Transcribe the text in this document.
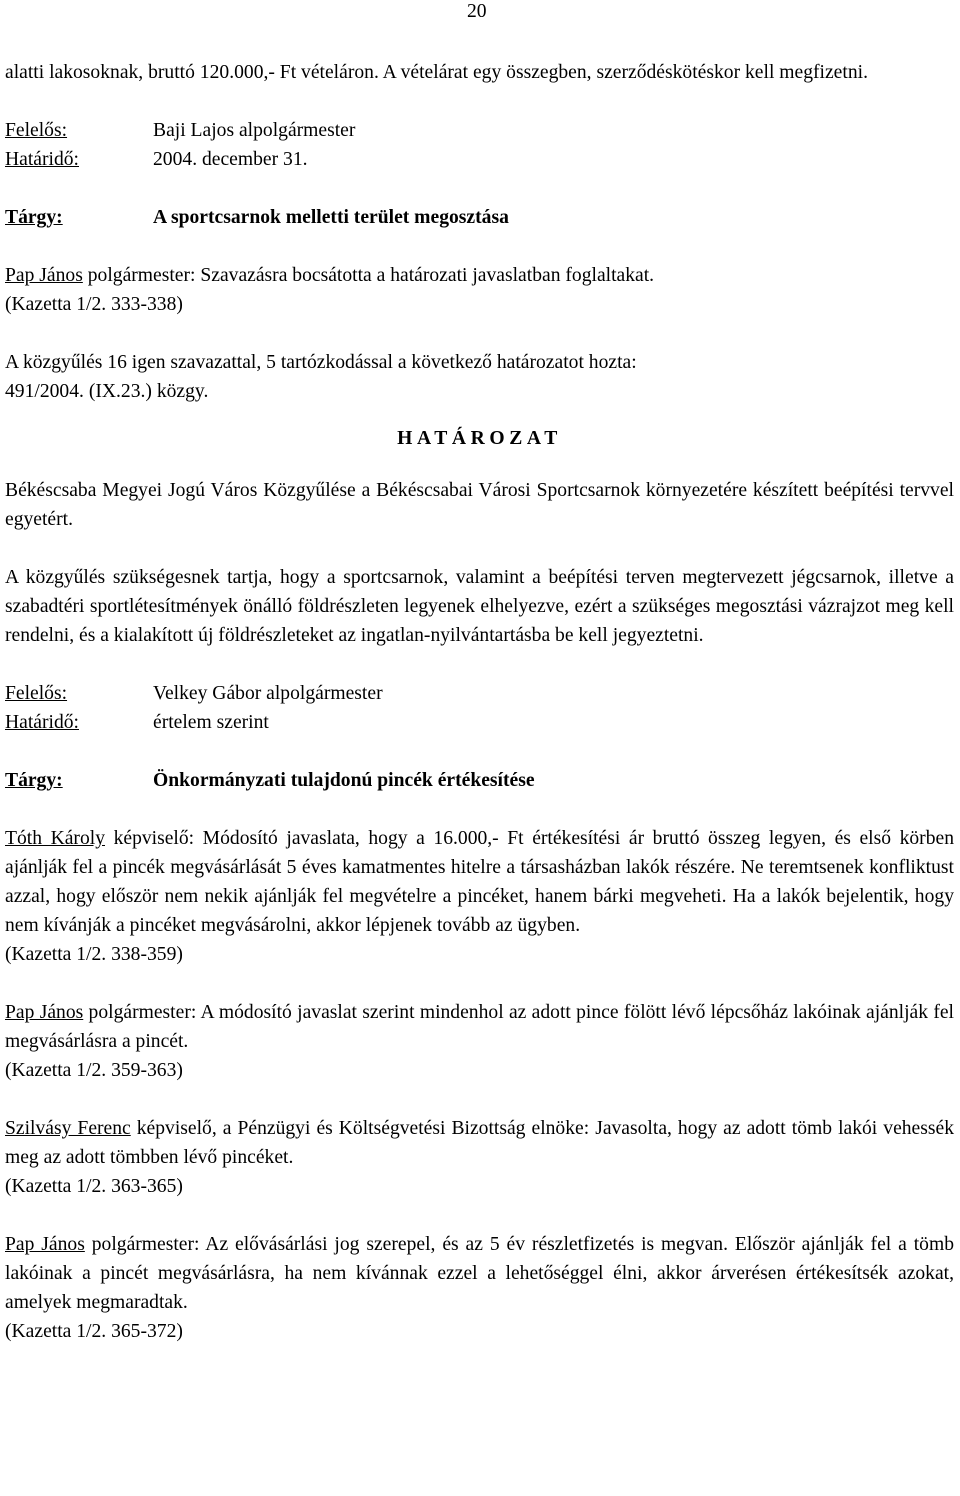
20

alatti lakosoknak, bruttó 120.000,- Ft vételáron. A vételárat egy összegben, szerződéskötéskor kell megfizetni.

Felelős:	Baji Lajos alpolgármester
Határidő:	2004. december 31.
Tárgy:	A sportcsarnok melletti terület megosztása

Pap János polgármester: Szavazásra bocsátotta a határozati javaslatban foglaltakat.

(Kazetta 1/2. 333-338)

A közgyűlés 16 igen szavazattal, 5 tartózkodással a következő határozatot hozta:

491/2004. (IX.23.) közgy.

HATÁROZAT

Békéscsaba Megyei Jogú Város Közgyűlése a Békéscsabai Városi Sportcsarnok környezetére készített beépítési tervvel egyetért.

A közgyűlés szükségesnek tartja, hogy a sportcsarnok, valamint a beépítési terven megtervezett jégcsarnok, illetve a szabadtéri sportlétesítmények önálló földrészleten legyenek elhelyezve, ezért a szükséges megosztási vázrajzot meg kell rendelni, és a kialakított új földrészleteket az ingatlan-nyilvántartásba be kell jegyeztetni.

Felelős:	Velkey Gábor alpolgármester
Határidő:	értelem szerint
Tárgy:	Önkormányzati tulajdonú pincék értékesítése

Tóth Károly képviselő: Módosító javaslata, hogy a 16.000,- Ft értékesítési ár bruttó összeg legyen, és első körben ajánlják fel a pincék megvásárlását 5 éves kamatmentes hitelre a társasházban lakók részére. Ne teremtsenek konfliktust azzal, hogy először nem nekik ajánlják fel megvételre a pincéket, hanem bárki megveheti. Ha a lakók bejelentik, hogy nem kívánják a pincéket megvásárolni, akkor lépjenek tovább az ügyben.

(Kazetta 1/2. 338-359)

Pap János polgármester: A módosító javaslat szerint mindenhol az adott pince fölött lévő lépcsőház lakóinak ajánlják fel megvásárlásra a pincét.

(Kazetta 1/2. 359-363)

Szilvásy Ferenc képviselő, a Pénzügyi és Költségvetési Bizottság elnöke: Javasolta, hogy az adott tömb lakói vehessék meg az adott tömbben lévő pincéket.

(Kazetta 1/2. 363-365)

Pap János polgármester: Az elővásárlási jog szerepel, és az 5 év részletfizetés is megvan. Először ajánlják fel a tömb lakóinak a pincét megvásárlásra, ha nem kívánnak ezzel a lehetőséggel élni, akkor árverésen értékesítsék azokat, amelyek megmaradtak.

(Kazetta 1/2. 365-372)
